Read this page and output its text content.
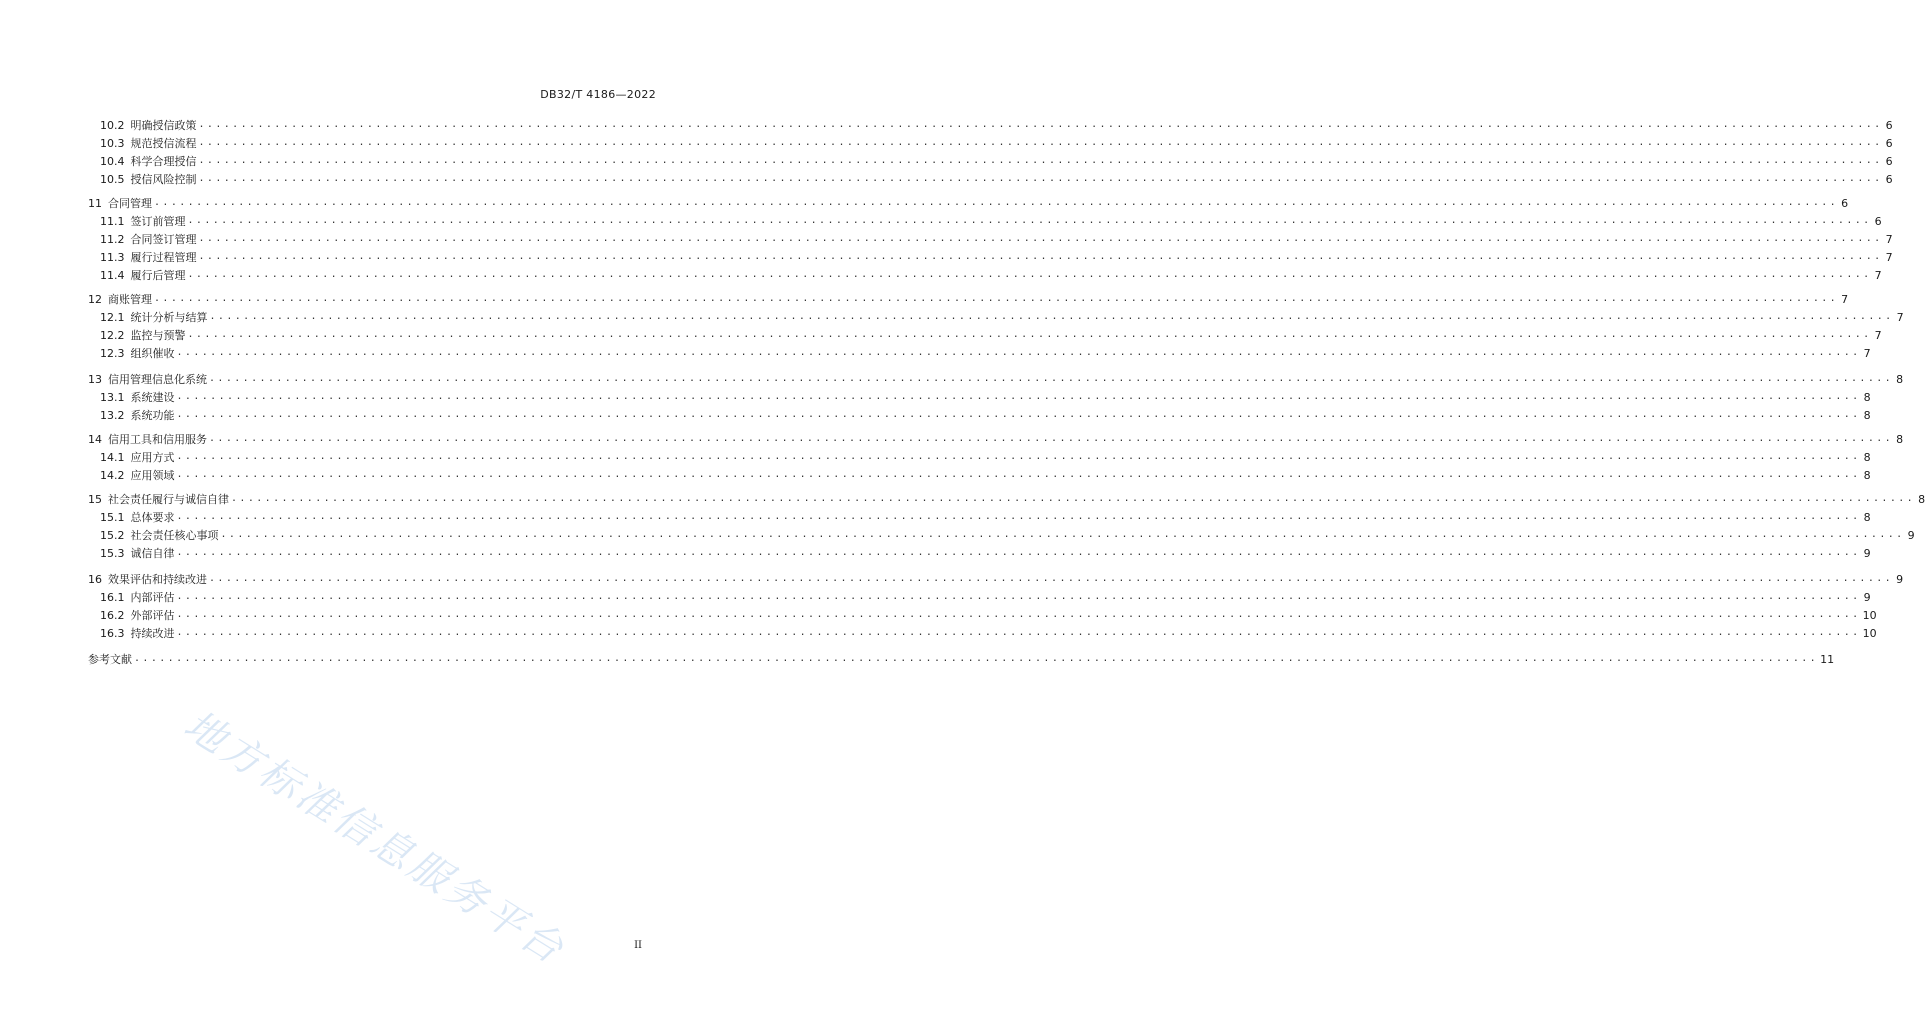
DB32/T 4186—2022
地方标准信息服务平台
10.2 明确授信政策 ........................................................................................................................................................................................................ 6
10.3 规范授信流程 ........................................................................................................................................................................................................ 6
10.4 科学合理授信 ........................................................................................................................................................................................................ 6
10.5 授信风险控制 ........................................................................................................................................................................................................ 6
11 合同管理 ........................................................................................................................................................................................................ 6
11.1 签订前管理 ........................................................................................................................................................................................................ 6
11.2 合同签订管理 ........................................................................................................................................................................................................ 7
11.3 履行过程管理 ........................................................................................................................................................................................................ 7
11.4 履行后管理 ........................................................................................................................................................................................................ 7
12 商账管理 ........................................................................................................................................................................................................ 7
12.1 统计分析与结算 ........................................................................................................................................................................................................ 7
12.2 监控与预警 ........................................................................................................................................................................................................ 7
12.3 组织催收 ........................................................................................................................................................................................................ 7
13 信用管理信息化系统 ........................................................................................................................................................................................................ 8
13.1 系统建设 ........................................................................................................................................................................................................ 8
13.2 系统功能 ........................................................................................................................................................................................................ 8
14 信用工具和信用服务 ........................................................................................................................................................................................................ 8
14.1 应用方式 ........................................................................................................................................................................................................ 8
14.2 应用领域 ........................................................................................................................................................................................................ 8
15 社会责任履行与诚信自律 ........................................................................................................................................................................................................ 8
15.1 总体要求 ........................................................................................................................................................................................................ 8
15.2 社会责任核心事项 ........................................................................................................................................................................................................ 9
15.3 诚信自律 ........................................................................................................................................................................................................ 9
16 效果评估和持续改进 ........................................................................................................................................................................................................ 9
16.1 内部评估 ........................................................................................................................................................................................................ 9
16.2 外部评估 ........................................................................................................................................................................................................ 10
16.3 持续改进 ........................................................................................................................................................................................................ 10
参考文献 ........................................................................................................................................................................................................ 11
II
